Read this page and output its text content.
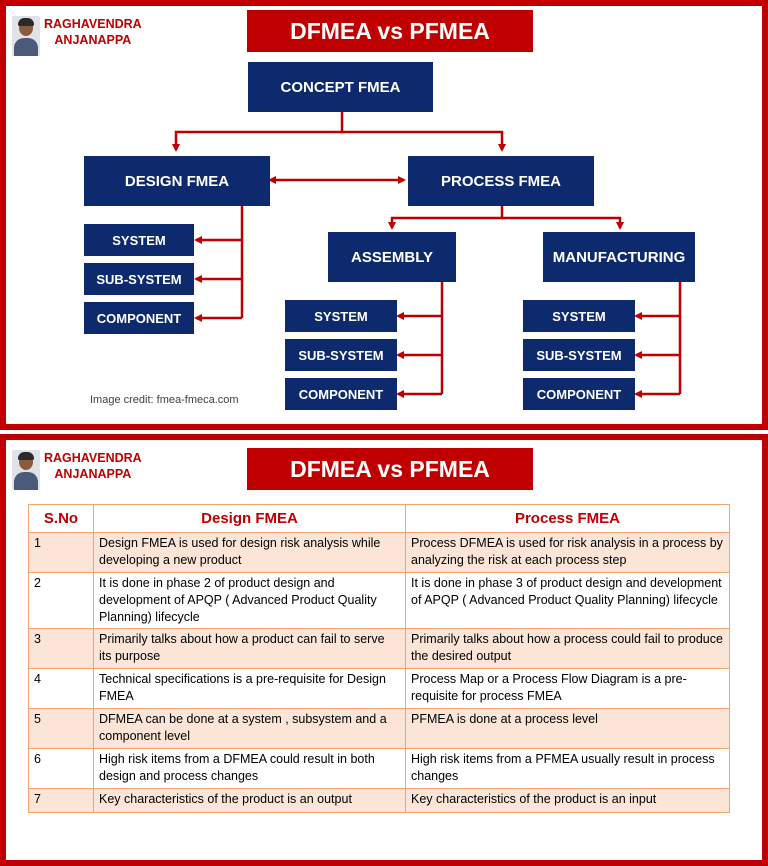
RAGHAVENDRA
ANJANAPPA	DFMEA vs PFMEA
CONCEPT FMEA
DESIGN FMEA	PROCESS FMEA
ASSEMBLY	MANUFACTURING
SYSTEM
SUB-SYSTEM
COMPONENT	SYSTEM
SUB-SYSTEM
COMPONENT
SYSTEM
SUB-SYSTEM
COMPONENT
Image credit: fmea-fmeca.com
RAGHAVENDRA
ANJANAPPA	DFMEA vs PFMEA
S.No	Design FMEA	Process FMEA
1	Design FMEA is used for design risk analysis while developing a new product	Process DFMEA is used for risk analysis in a process by analyzing the risk at each process step
2	It is done in phase 2 of product design and development of APQP ( Advanced Product Quality Planning) lifecycle	It is done in phase 3 of product design and development of APQP ( Advanced Product Quality Planning) lifecycle
3	Primarily talks about how a product can fail to serve its purpose	Primarily talks about how a process could fail to produce the desired output
4	Technical specifications is a pre-requisite for Design FMEA	Process Map or a Process Flow Diagram is a pre-requisite for process FMEA
5	DFMEA can be done at a system , subsystem and a component level	PFMEA is done at a process level
6	High risk items from a DFMEA could result in both design and process changes	High risk items from a PFMEA usually result in process changes
7	Key characteristics of the product is an output	Key characteristics of the product is an input
